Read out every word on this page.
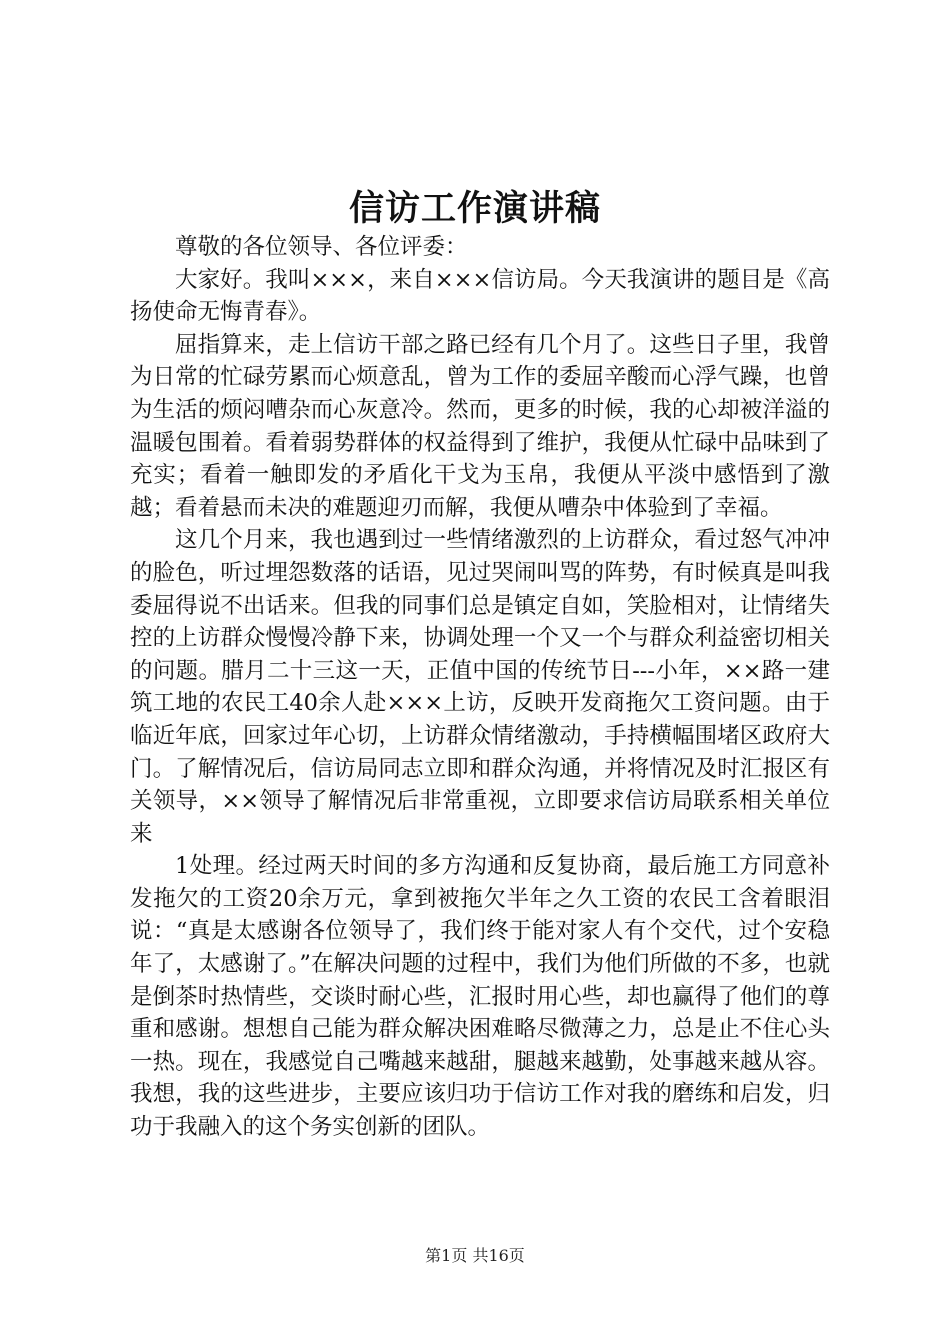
信访工作演讲稿

尊敬的各位领导、各位评委：

大家好。我叫×××，来自×××信访局。今天我演讲的题目是《高扬使命无悔青春》。

屈指算来，走上信访干部之路已经有几个月了。这些日子里，我曾为日常的忙碌劳累而心烦意乱，曾为工作的委屈辛酸而心浮气躁，也曾为生活的烦闷嘈杂而心灰意冷。然而，更多的时候，我的心却被洋溢的温暖包围着。看着弱势群体的权益得到了维护，我便从忙碌中品味到了充实；看着一触即发的矛盾化干戈为玉帛，我便从平淡中感悟到了激越；看着悬而未决的难题迎刃而解，我便从嘈杂中体验到了幸福。

这几个月来，我也遇到过一些情绪激烈的上访群众，看过怒气冲冲的脸色，听过埋怨数落的话语，见过哭闹叫骂的阵势，有时候真是叫我委屈得说不出话来。但我的同事们总是镇定自如，笑脸相对，让情绪失控的上访群众慢慢冷静下来，协调处理一个又一个与群众利益密切相关的问题。腊月二十三这一天，正值中国的传统节日---小年，××路一建筑工地的农民工40余人赴×××上访，反映开发商拖欠工资问题。由于临近年底，回家过年心切，上访群众情绪激动，手持横幅围堵区政府大门。了解情况后，信访局同志立即和群众沟通，并将情况及时汇报区有关领导，××领导了解情况后非常重视，立即要求信访局联系相关单位来

1处理。经过两天时间的多方沟通和反复协商，最后施工方同意补发拖欠的工资20余万元，拿到被拖欠半年之久工资的农民工含着眼泪说：“真是太感谢各位领导了，我们终于能对家人有个交代，过个安稳年了，太感谢了。”在解决问题的过程中，我们为他们所做的不多，也就是倒茶时热情些，交谈时耐心些，汇报时用心些，却也赢得了他们的尊重和感谢。想想自己能为群众解决困难略尽微薄之力，总是止不住心头一热。现在，我感觉自己嘴越来越甜，腿越来越勤，处事越来越从容。我想，我的这些进步，主要应该归功于信访工作对我的磨练和启发，归功于我融入的这个务实创新的团队。

第1页 共16页
